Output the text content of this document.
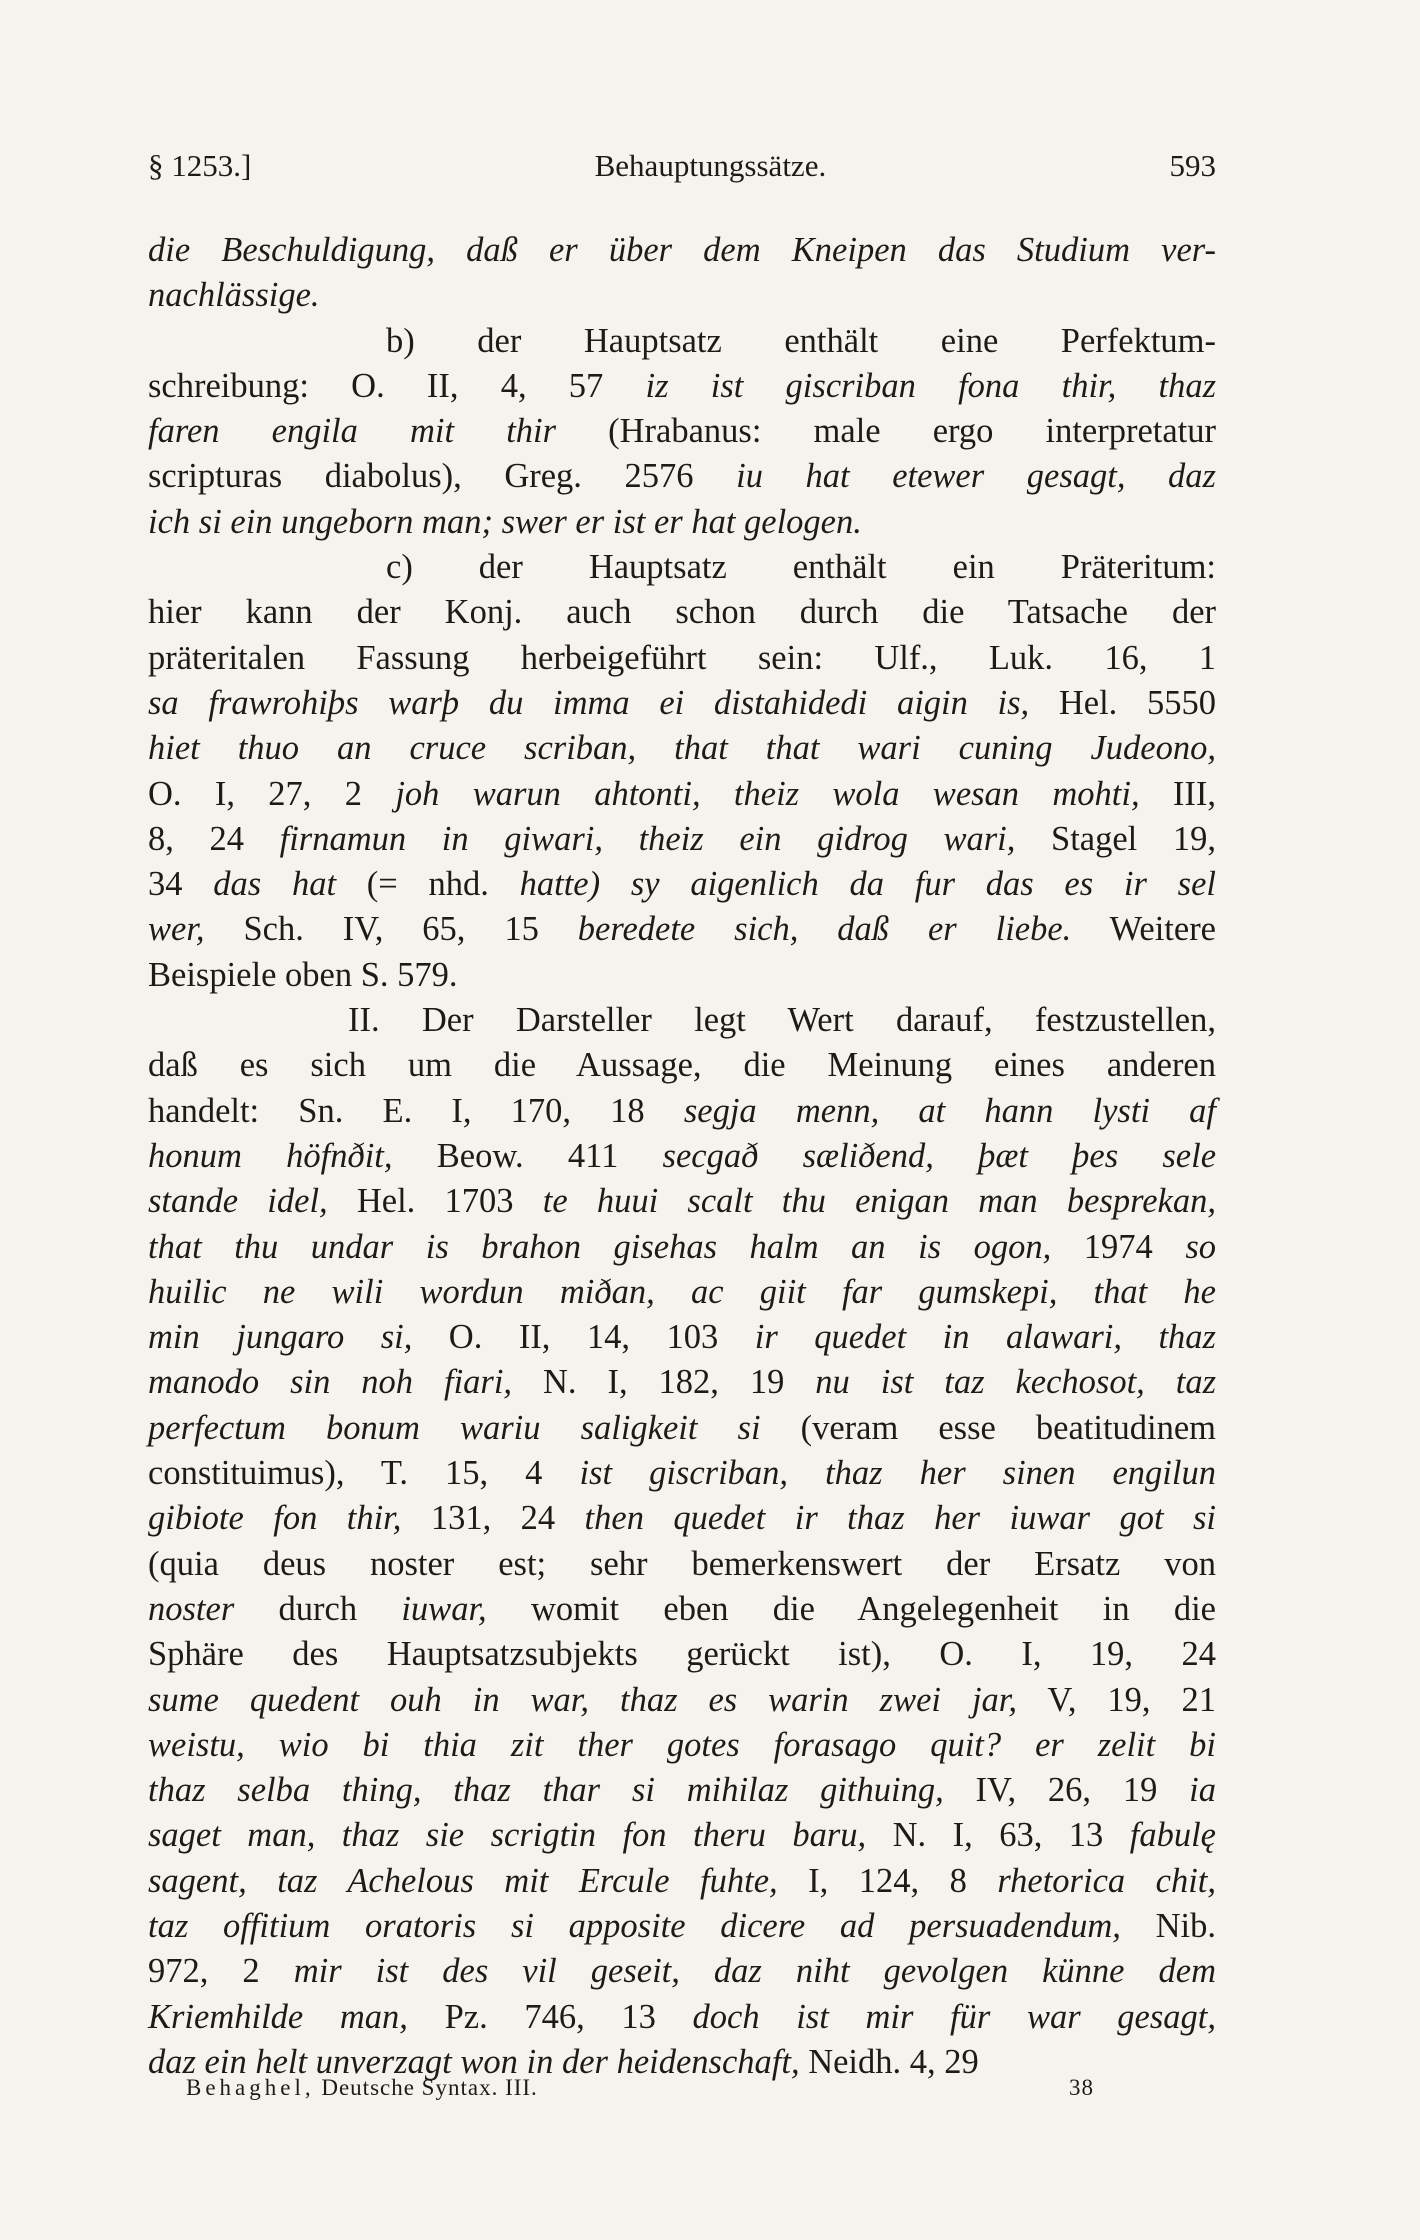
§ 1253.]	Behauptungssätze.	593
die Beschuldigung, daß er über dem Kneipen das Studium ver-
nachlässige.
b) der Hauptsatz enthält eine Perfektum-
schreibung: O. II, 4, 57 iz ist giscriban fona thir, thaz
faren engila mit thir (Hrabanus: male ergo interpretatur
scripturas diabolus), Greg. 2576 iu hat etewer gesagt, daz
ich si ein ungeborn man; swer er ist er hat gelogen.
c) der Hauptsatz enthält ein Präteritum:
hier kann der Konj. auch schon durch die Tatsache der
präteritalen Fassung herbeigeführt sein: Ulf., Luk. 16, 1
sa frawrohiþs warþ du imma ei distahidedi aigin is, Hel. 5550
hiet thuo an cruce scriban, that that wari cuning Judeono,
O. I, 27, 2 joh warun ahtonti, theiz wola wesan mohti, III,
8, 24 firnamun in giwari, theiz ein gidrog wari, Stagel 19,
34 das hat (= nhd. hatte) sy aigenlich da fur das es ir sel
wer, Sch. IV, 65, 15 beredete sich, daß er liebe. Weitere
Beispiele oben S. 579.
II. Der Darsteller legt Wert darauf, festzustellen,
daß es sich um die Aussage, die Meinung eines anderen
handelt: Sn. E. I, 170, 18 segja menn, at hann lysti af
honum höfnðit, Beow. 411 secgað sæliðend, þæt þes sele
stande idel, Hel. 1703 te huui scalt thu enigan man besprekan,
that thu undar is brahon gisehas halm an is ogon, 1974 so
huilic ne wili wordun miðan, ac giit far gumskepi, that he
min jungaro si, O. II, 14, 103 ir quedet in alawari, thaz
manodo sin noh fiari, N. I, 182, 19 nu ist taz kechosot, taz
perfectum bonum wariu saligkeit si (veram esse beatitudinem
constituimus), T. 15, 4 ist giscriban, thaz her sinen engilun
gibiote fon thir, 131, 24 then quedet ir thaz her iuwar got si
(quia deus noster est; sehr bemerkenswert der Ersatz von
noster durch iuwar, womit eben die Angelegenheit in die
Sphäre des Hauptsatzsubjekts gerückt ist), O. I, 19, 24
sume quedent ouh in war, thaz es warin zwei jar, V, 19, 21
weistu, wio bi thia zit ther gotes forasago quit? er zelit bi
thaz selba thing, thaz thar si mihilaz githuing, IV, 26, 19 ia
saget man, thaz sie scrigtin fon theru baru, N. I, 63, 13 fabulę
sagent, taz Achelous mit Ercule fuhte, I, 124, 8 rhetorica chit,
taz offitium oratoris si apposite dicere ad persuadendum, Nib.
972, 2 mir ist des vil geseit, daz niht gevolgen künne dem
Kriemhilde man, Pz. 746, 13 doch ist mir für war gesagt,
daz ein helt unverzagt won in der heidenschaft, Neidh. 4, 29
Behaghel, Deutsche Syntax. III.	38
